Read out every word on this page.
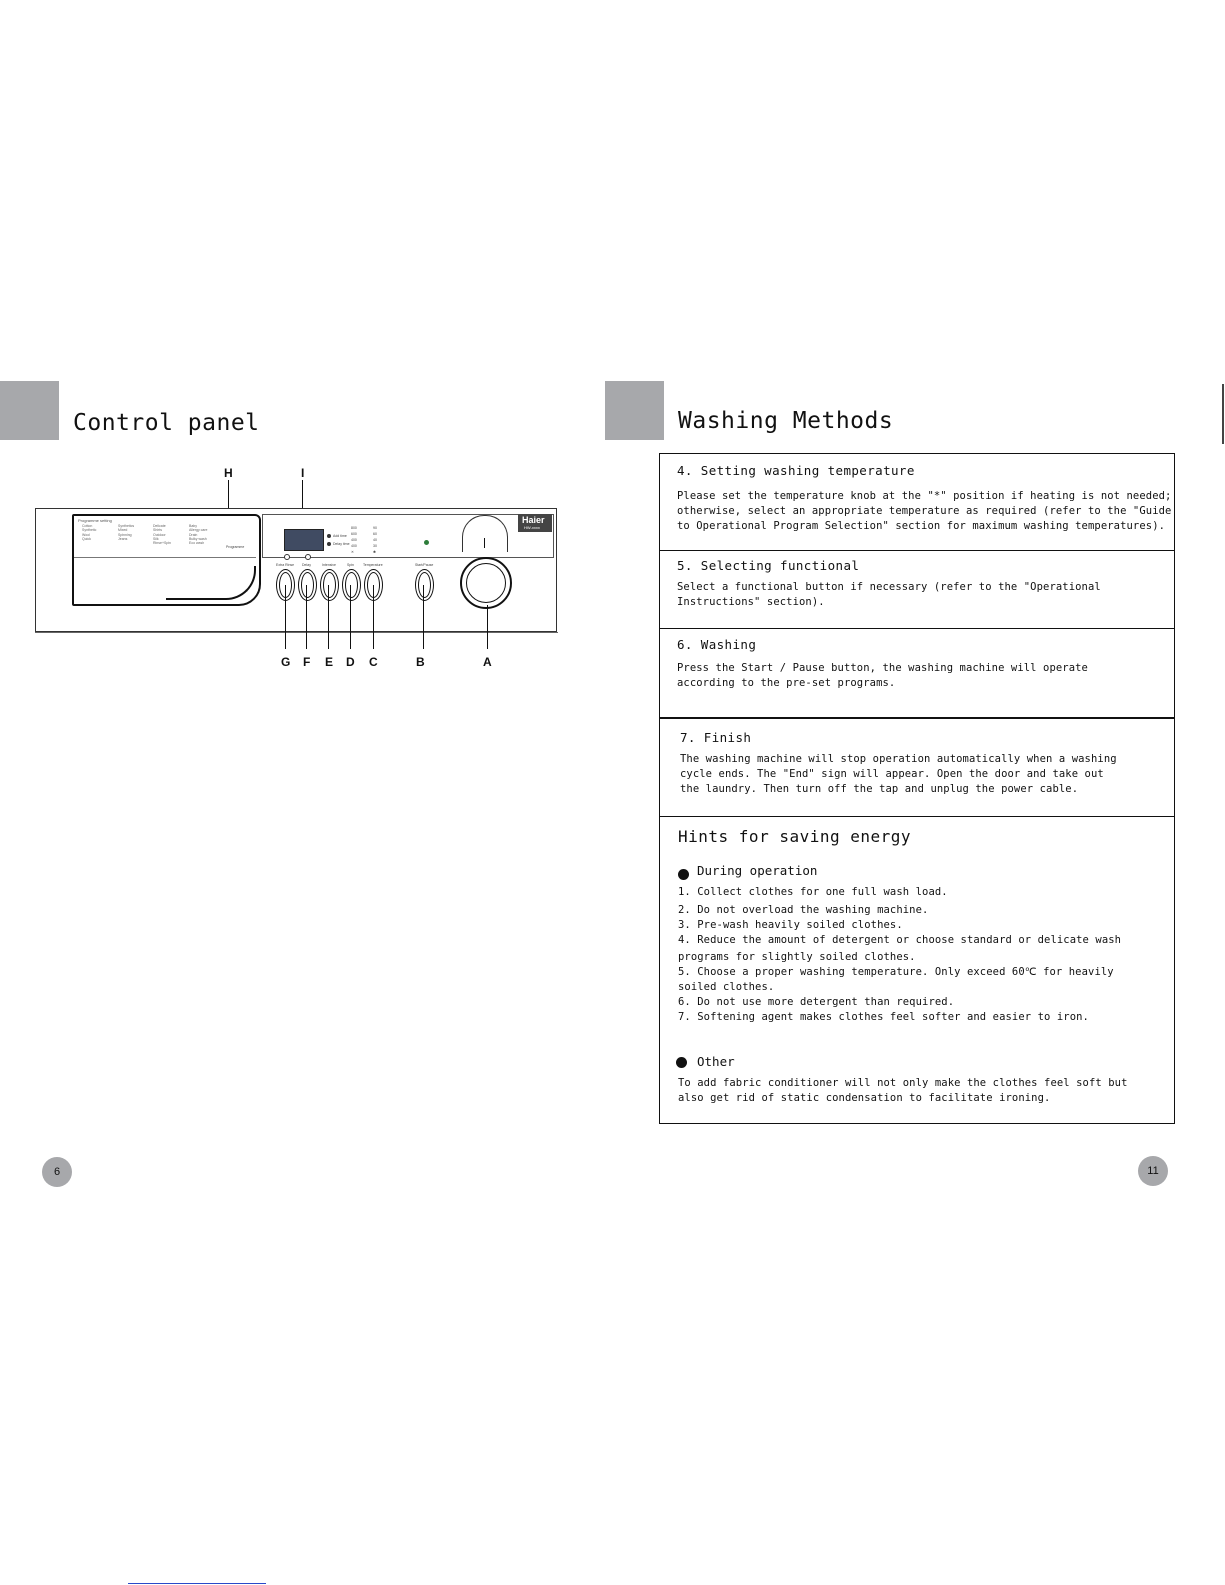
Control panel
H	I
Programme setting
Cotton
Synthetic
Wool
Quick
Synthetics
Mixed
Spinning
Jeans
Delicate
Shirts
Outdoor
Silk
Rinse+Spin
Baby
Allergy care
Drain
Bulky wash
Eco wash
Programme
Add time
Delay time
800
600
400
400
✕
90
60
40
30
✱
Extra Rinse Delay	Intensive	Spin	Temperature	Start/Pause
Haier
HW-xxxx
G F E D C	B	A
6
Washing Methods
4. Setting washing temperature
Please set the temperature knob at the "*" position if heating is not needed;
otherwise, select an appropriate temperature as required (refer to the "Guide
to Operational Program Selection" section for maximum washing temperatures).
5. Selecting functional
Select a functional button if necessary (refer to the "Operational
Instructions" section).
6. Washing
Press the Start / Pause button, the washing machine will operate
according to the pre-set programs.
7. Finish
The washing machine will stop operation automatically when a washing
cycle ends. The "End" sign will appear. Open the door and take out
the laundry. Then turn off the tap and unplug the power cable.
Hints for saving energy
During operation
1. Collect clothes for one full wash load.
2. Do not overload the washing machine.
3. Pre-wash heavily soiled clothes.
4. Reduce the amount of detergent or choose standard or delicate wash
programs for slightly soiled clothes.
5. Choose a proper washing temperature. Only exceed 60℃ for heavily
soiled clothes.
6. Do not use more detergent than required.
7. Softening agent makes clothes feel softer and easier to iron.
Other
To add fabric conditioner will not only make the clothes feel soft but
also get rid of static condensation to facilitate ironing.
11
